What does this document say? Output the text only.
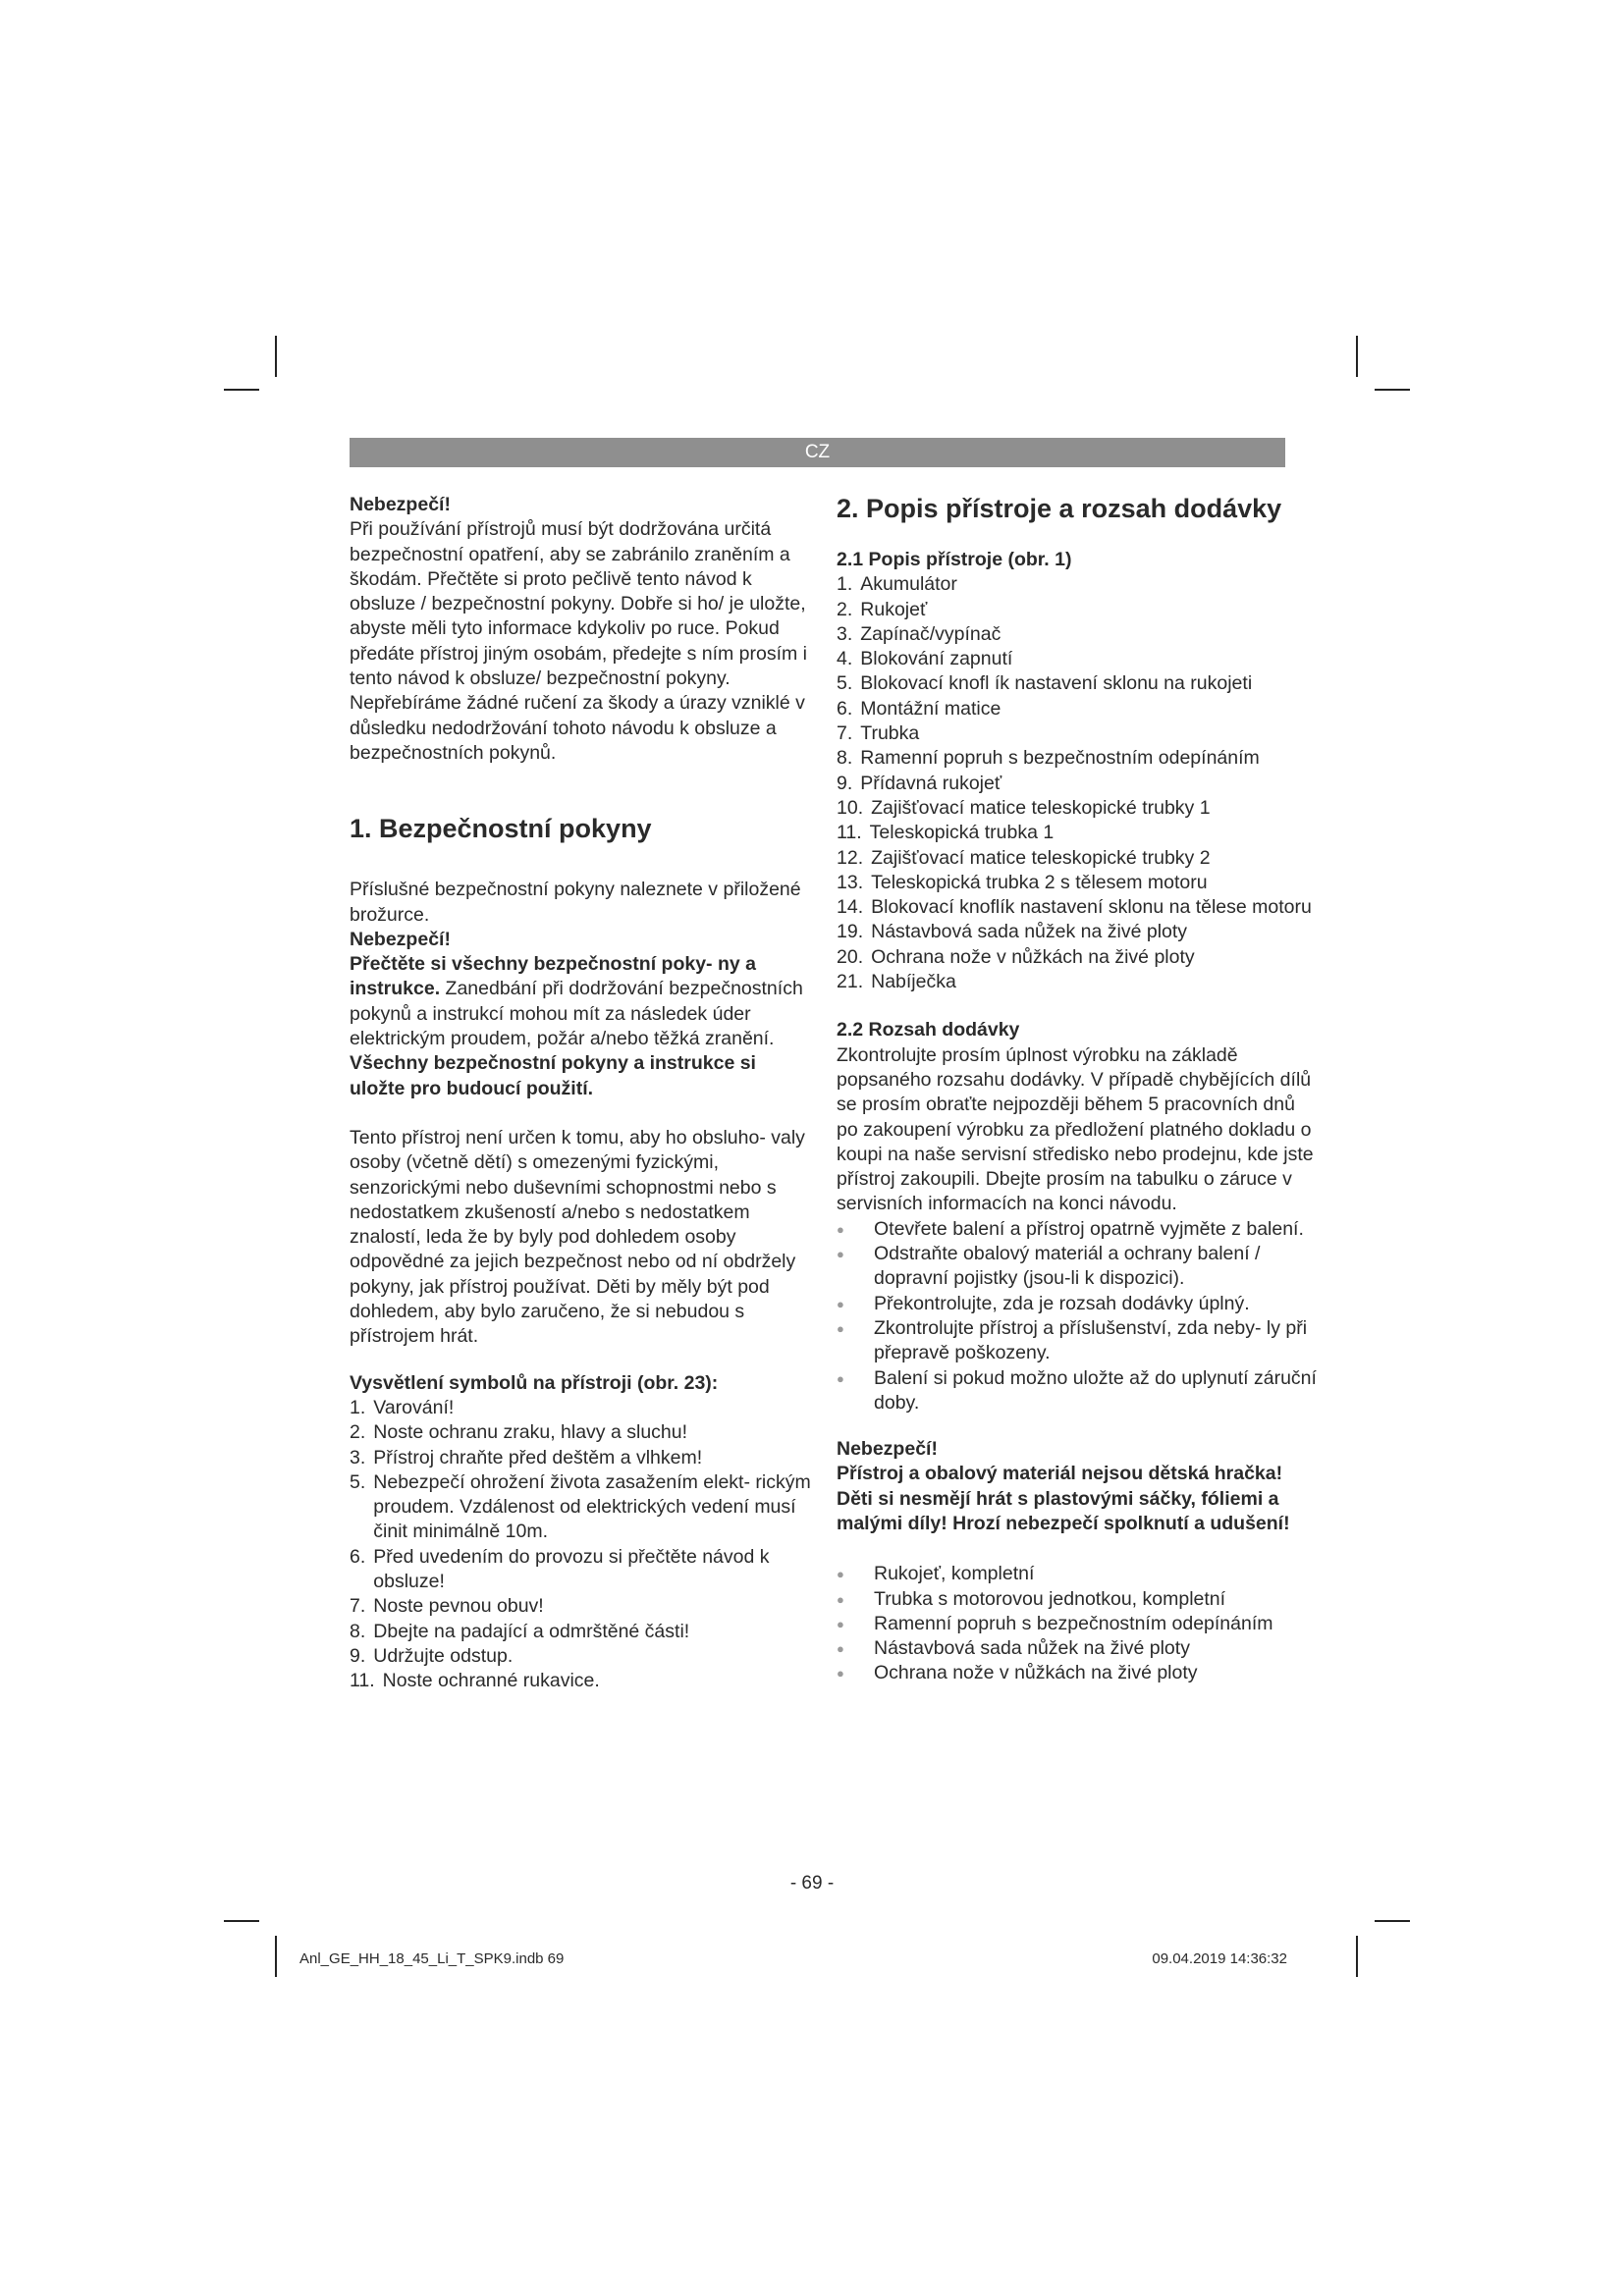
CZ

Nebezpečí!

Při používání přístrojů musí být dodržována určitá bezpečnostní opatření, aby se zabránilo zraněním a škodám. Přečtěte si proto pečlivě tento návod k obsluze / bezpečnostní pokyny. Dobře si ho/ je uložte, abyste měli tyto informace kdykoliv po ruce. Pokud předáte přístroj jiným osobám, předejte s ním prosím i tento návod k obsluze/ bezpečnostní pokyny. Nepřebíráme žádné ručení za škody a úrazy vzniklé v důsledku nedodržování tohoto návodu k obsluze a bezpečnostních pokynů.

1. Bezpečnostní pokyny

Příslušné bezpečnostní pokyny naleznete v přiložené brožurce.

Nebezpečí!

Přečtěte si všechny bezpečnostní poky- ny a instrukce. Zanedbání při dodržování bezpečnostních pokynů a instrukcí mohou mít za následek úder elektrickým proudem, požár a/nebo těžká zranění. Všechny bezpečnostní pokyny a instrukce si uložte pro budoucí použití.

Tento přístroj není určen k tomu, aby ho obsluho- valy osoby (včetně dětí) s omezenými fyzickými, senzorickými nebo duševními schopnostmi nebo s nedostatkem zkušeností a/nebo s nedostatkem znalostí, leda že by byly pod dohledem osoby odpovědné za jejich bezpečnost nebo od ní obdržely pokyny, jak přístroj používat. Děti by měly být pod dohledem, aby bylo zaručeno, že si nebudou s přístrojem hrát.

Vysvětlení symbolů na přístroji (obr. 23):

1. Varování!
2. Noste ochranu zraku, hlavy a sluchu!
3. Přístroj chraňte před deštěm a vlhkem!
5. Nebezpečí ohrožení života zasažením elekt- rickým proudem. Vzdálenost od elektrických vedení musí činit minimálně 10m.
6. Před uvedením do provozu si přečtěte návod k obsluze!
7. Noste pevnou obuv!
8. Dbejte na padající a odmrštěné části!
9. Udržujte odstup.
11. Noste ochranné rukavice.

2. Popis přístroje a rozsah dodávky

2.1 Popis přístroje (obr. 1)

1. Akumulátor
2. Rukojeť
3. Zapínač/vypínač
4. Blokování zapnutí
5. Blokovací knofl ík nastavení sklonu na rukojeti
6. Montážní matice
7. Trubka
8. Ramenní popruh s bezpečnostním odepínáním
9. Přídavná rukojeť
10. Zajišťovací matice teleskopické trubky 1
11. Teleskopická trubka 1
12. Zajišťovací matice teleskopické trubky 2
13. Teleskopická trubka 2 s tělesem motoru
14. Blokovací knoflík nastavení sklonu na tělese motoru
19. Nástavbová sada nůžek na živé ploty
20. Ochrana nože v nůžkách na živé ploty
21. Nabíječka

2.2 Rozsah dodávky

Zkontrolujte prosím úplnost výrobku na základě popsaného rozsahu dodávky. V případě chybějících dílů se prosím obraťte nejpozději během 5 pracovních dnů po zakoupení výrobku za předložení platného dokladu o koupi na naše servisní středisko nebo prodejnu, kde jste přístroj zakoupili. Dbejte prosím na tabulku o záruce v servisních informacích na konci návodu.

● Otevřete balení a přístroj opatrně vyjměte z balení.
● Odstraňte obalový materiál a ochrany balení / dopravní pojistky (jsou-li k dispozici).
● Překontrolujte, zda je rozsah dodávky úplný.
● Zkontrolujte přístroj a příslušenství, zda neby- ly při přepravě poškozeny.
● Balení si pokud možno uložte až do uplynutí záruční doby.

Nebezpečí!

Přístroj a obalový materiál nejsou dětská hračka! Děti si nesmějí hrát s plastovými sáčky, fóliemi a malými díly! Hrozí nebezpečí spolknutí a udušení!

● Rukojeť, kompletní
● Trubka s motorovou jednotkou, kompletní
● Ramenní popruh s bezpečnostním odepínáním
● Nástavbová sada nůžek na živé ploty
● Ochrana nože v nůžkách na živé ploty
- 69 -
Anl_GE_HH_18_45_Li_T_SPK9.indb 69	09.04.2019 14:36:32
